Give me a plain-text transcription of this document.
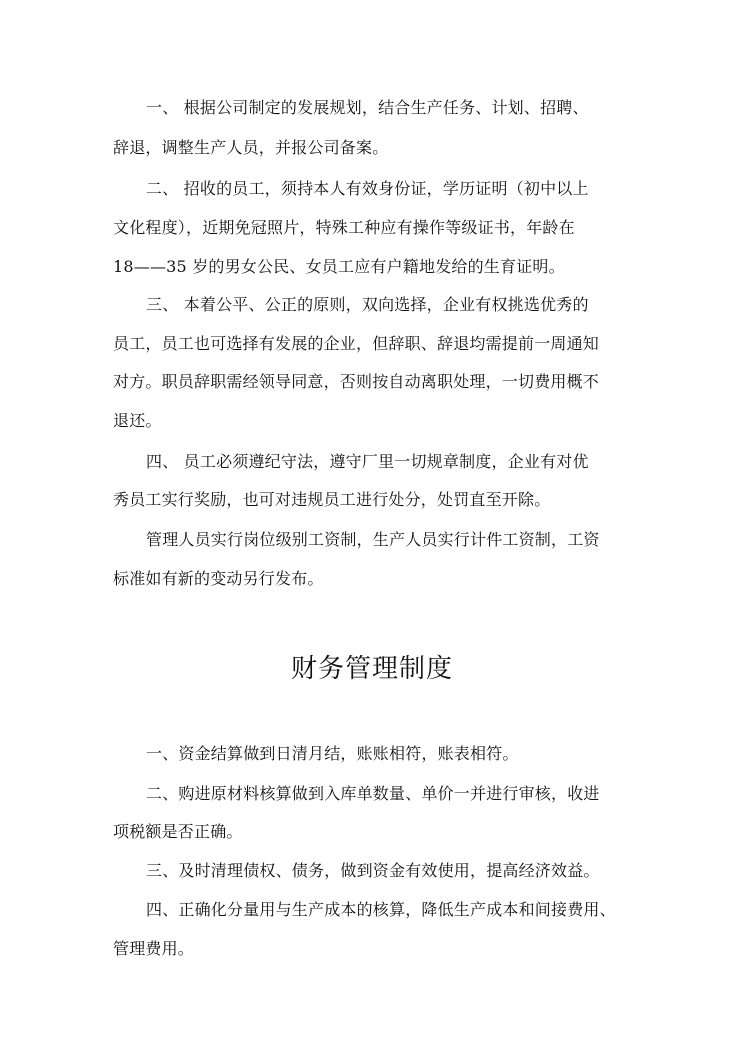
一、 根据公司制定的发展规划，结合生产任务、计划、招聘、
辞退，调整生产人员，并报公司备案。
二、 招收的员工，须持本人有效身份证，学历证明（初中以上
文化程度），近期免冠照片，特殊工种应有操作等级证书，年龄在
18——35 岁的男女公民、女员工应有户籍地发给的生育证明。
三、 本着公平、公正的原则，双向选择，企业有权挑选优秀的
员工，员工也可选择有发展的企业，但辞职、辞退均需提前一周通知
对方。职员辞职需经领导同意，否则按自动离职处理，一切费用概不
退还。
四、 员工必须遵纪守法，遵守厂里一切规章制度，企业有对优
秀员工实行奖励，也可对违规员工进行处分，处罚直至开除。
管理人员实行岗位级别工资制，生产人员实行计件工资制，工资
标准如有新的变动另行发布。
财务管理制度
一、资金结算做到日清月结，账账相符，账表相符。
二、购进原材料核算做到入库单数量、单价一并进行审核，收进
项税额是否正确。
三、及时清理债权、债务，做到资金有效使用，提高经济效益。
四、正确化分量用与生产成本的核算，降低生产成本和间接费用、
管理费用。
